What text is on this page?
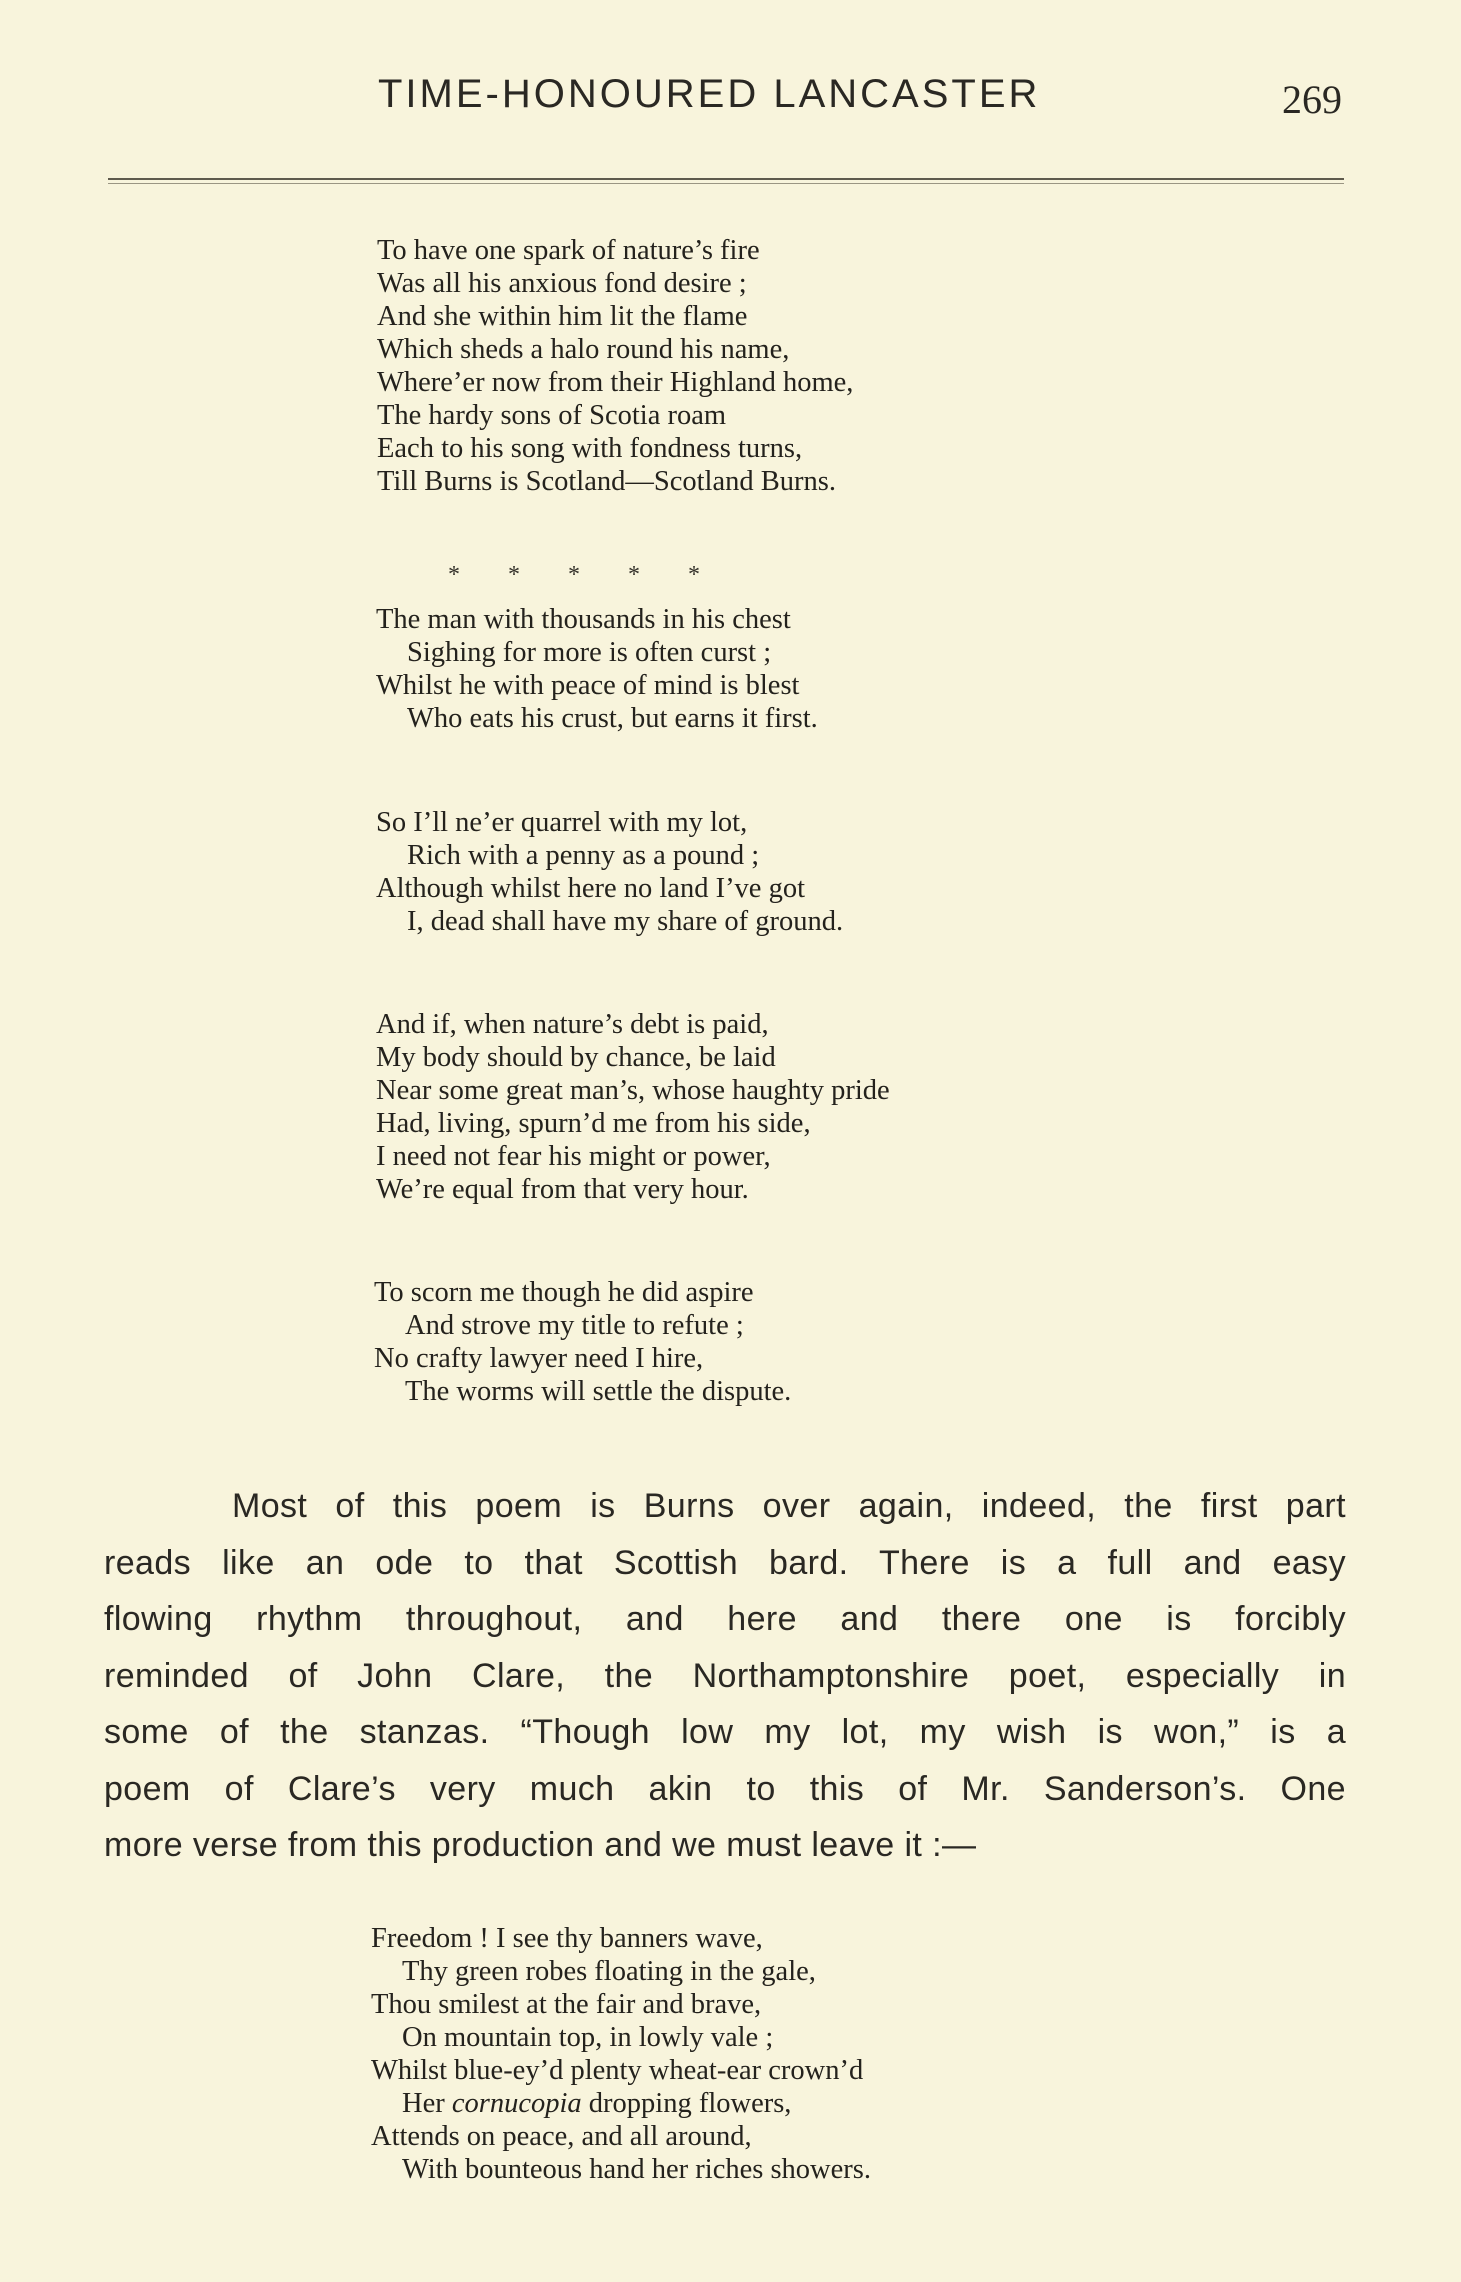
TIME-HONOURED LANCASTER	269
To have one spark of nature’s fire
Was all his anxious fond desire ;
And she within him lit the flame
Which sheds a halo round his name,
Where’er now from their Highland home,
The hardy sons of Scotia roam
Each to his song with fondness turns,
Till Burns is Scotland—Scotland Burns.
* * * * *
The man with thousands in his chest
Sighing for more is often curst ;
Whilst he with peace of mind is blest
Who eats his crust, but earns it first.
So I’ll ne’er quarrel with my lot,
Rich with a penny as a pound ;
Although whilst here no land I’ve got
I, dead shall have my share of ground.
And if, when nature’s debt is paid,
My body should by chance, be laid
Near some great man’s, whose haughty pride
Had, living, spurn’d me from his side,
I need not fear his might or power,
We’re equal from that very hour.
To scorn me though he did aspire
And strove my title to refute ;
No crafty lawyer need I hire,
The worms will settle the dispute.
Most of this poem is Burns over again, indeed, the first part
reads like an ode to that Scottish bard. There is a full and easy
flowing rhythm throughout, and here and there one is forcibly
reminded of John Clare, the Northamptonshire poet, especially in
some of the stanzas. “Though low my lot, my wish is won,” is a
poem of Clare’s very much akin to this of Mr. Sanderson’s. One
more verse from this production and we must leave it :—
Freedom ! I see thy banners wave,
Thy green robes floating in the gale,
Thou smilest at the fair and brave,
On mountain top, in lowly vale ;
Whilst blue-ey’d plenty wheat-ear crown’d
Her cornucopia dropping flowers,
Attends on peace, and all around,
With bounteous hand her riches showers.
